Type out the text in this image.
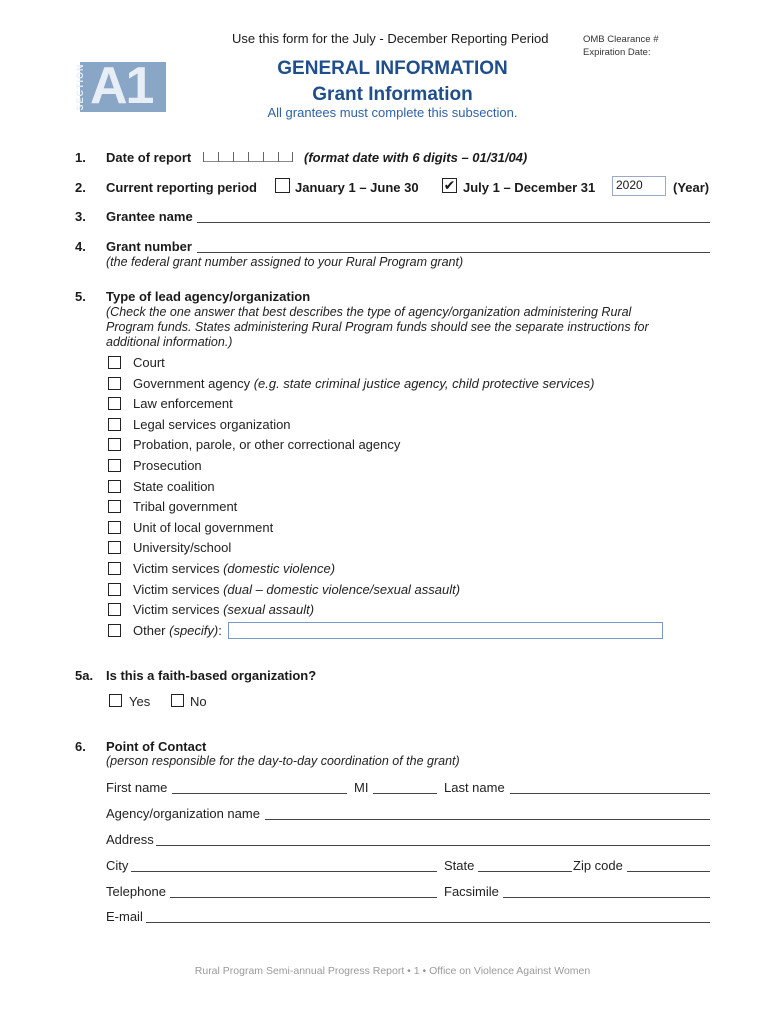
Use this form for the July - December Reporting Period	OMB Clearance #
Expiration Date:
SECTION A1	GENERAL INFORMATION
Grant Information
All grantees must complete this subsection.
1. Date of report	(format date with 6 digits – 01/31/04)
2. Current reporting period	January 1 – June 30 ✔ July 1 – December 31	2020	(Year)
3. Grantee name
4. Grant number
(the federal grant number assigned to your Rural Program grant)
5. Type of lead agency/organization
(Check the one answer that best describes the type of agency/organization administering Rural
Program funds. States administering Rural Program funds should see the separate instructions for
additional information.)
Court
Government agency (e.g. state criminal justice agency, child protective services)
Law enforcement
Legal services organization
Probation, parole, or other correctional agency
Prosecution
State coalition
Tribal government
Unit of local government
University/school
Victim services (domestic violence)
Victim services (dual – domestic violence/sexual assault)
Victim services (sexual assault)
Other (specify):
5a. Is this a faith-based organization?
Yes	No
6. Point of Contact
(person responsible for the day-to-day coordination of the grant)
First name	MI	Last name
Agency/organization name
Address
City	State	Zip code
Telephone	Facsimile
E-mail
Rural Program Semi-annual Progress Report • 1 • Office on Violence Against Women
